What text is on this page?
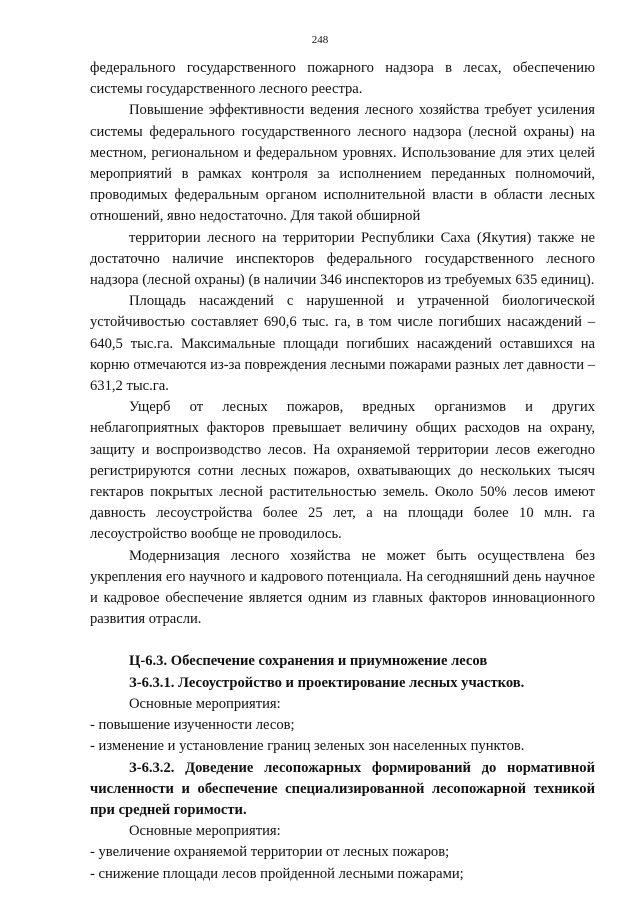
248

федерального государственного пожарного надзора в лесах, обеспечению системы государственного лесного реестра.

Повышение эффективности ведения лесного хозяйства требует усиления системы федерального государственного лесного надзора (лесной охраны) на местном, региональном и федеральном уровнях. Использование для этих целей мероприятий в рамках контроля за исполнением переданных полномочий, проводимых федеральным органом исполнительной власти в области лесных отношений, явно недостаточно. Для такой обширной

территории лесного на территории Республики Саха (Якутия) также не достаточно наличие инспекторов федерального государственного лесного надзора (лесной охраны) (в наличии 346 инспекторов из требуемых 635 единиц).

Площадь насаждений с нарушенной и утраченной биологической устойчивостью составляет 690,6 тыс. га, в том числе погибших насаждений – 640,5 тыс.га. Максимальные площади погибших насаждений оставшихся на корню отмечаются из-за повреждения лесными пожарами разных лет давности – 631,2 тыс.га.

Ущерб от лесных пожаров, вредных организмов и других неблагоприятных факторов превышает величину общих расходов на охрану, защиту и воспроизводство лесов. На охраняемой территории лесов ежегодно регистрируются сотни лесных пожаров, охватывающих до нескольких тысяч гектаров покрытых лесной растительностью земель. Около 50% лесов имеют давность лесоустройства более 25 лет, а на площади более 10 млн. га лесоустройство вообще не проводилось.

Модернизация лесного хозяйства не может быть осуществлена без укрепления его научного и кадрового потенциала. На сегодняшний день научное и кадровое обеспечение является одним из главных факторов инновационного развития отрасли.

Ц-6.3. Обеспечение сохранения и приумножение лесов

З-6.3.1. Лесоустройство и проектирование лесных участков.

Основные мероприятия:
- повышение изученности лесов;
- изменение и установление границ зеленых зон населенных пунктов.

З-6.3.2. Доведение лесопожарных формирований до нормативной численности и обеспечение специализированной лесопожарной техникой при средней горимости.

Основные мероприятия:
- увеличение охраняемой территории от лесных пожаров;
- снижение площади лесов пройденной лесными пожарами;
